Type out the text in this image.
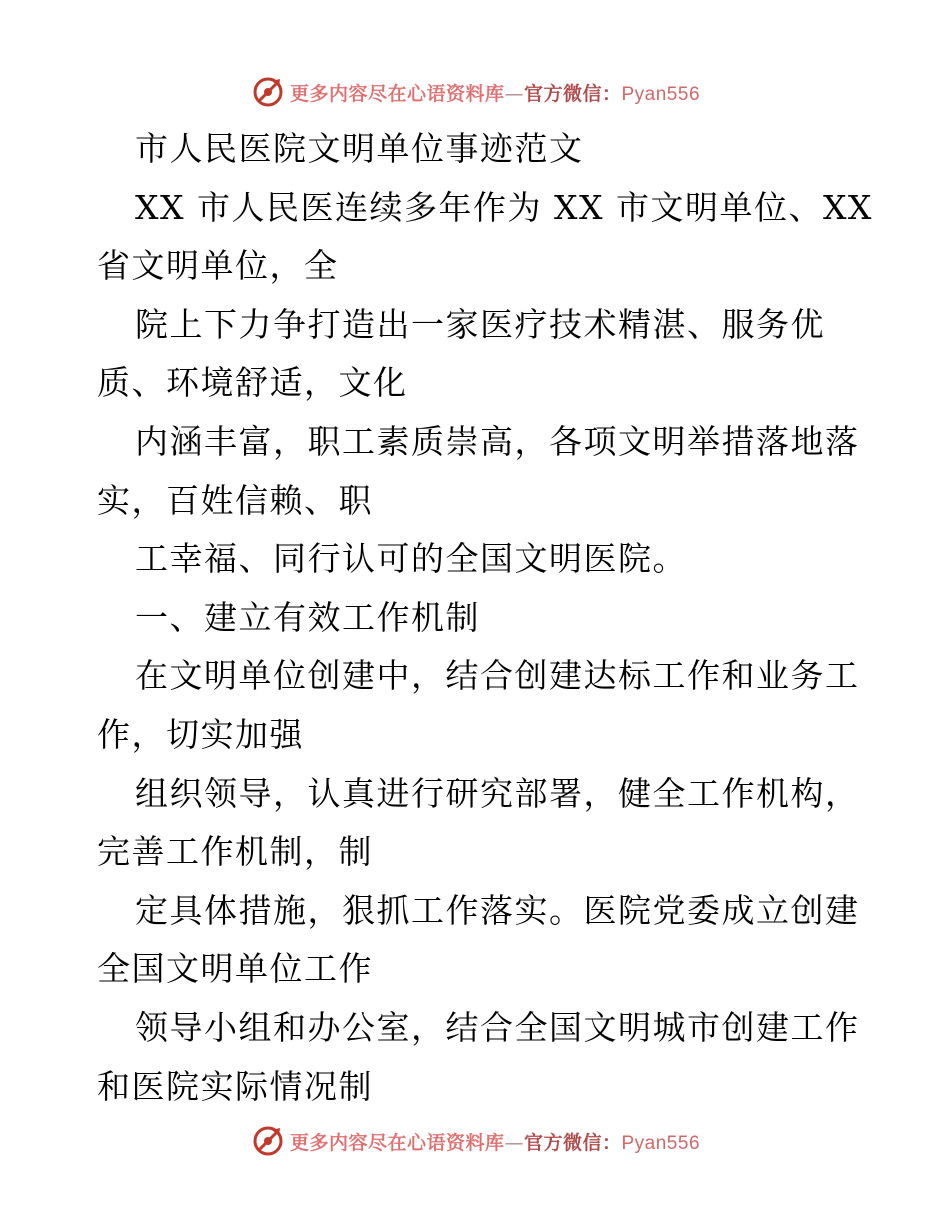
更多内容尽在心语资料库—官方微信：Pyan556
市人民医院文明单位事迹范文
XX 市人民医连续多年作为 XX 市文明单位、XX
省文明单位，全
院上下力争打造出一家医疗技术精湛、服务优
质、环境舒适，文化
内涵丰富，职工素质崇高，各项文明举措落地落
实，百姓信赖、职
工幸福、同行认可的全国文明医院。
一、建立有效工作机制
在文明单位创建中，结合创建达标工作和业务工
作，切实加强
组织领导，认真进行研究部署，健全工作机构，
完善工作机制，制
定具体措施，狠抓工作落实。医院党委成立创建
全国文明单位工作
领导小组和办公室，结合全国文明城市创建工作
和医院实际情况制
更多内容尽在心语资料库—官方微信：Pyan556
